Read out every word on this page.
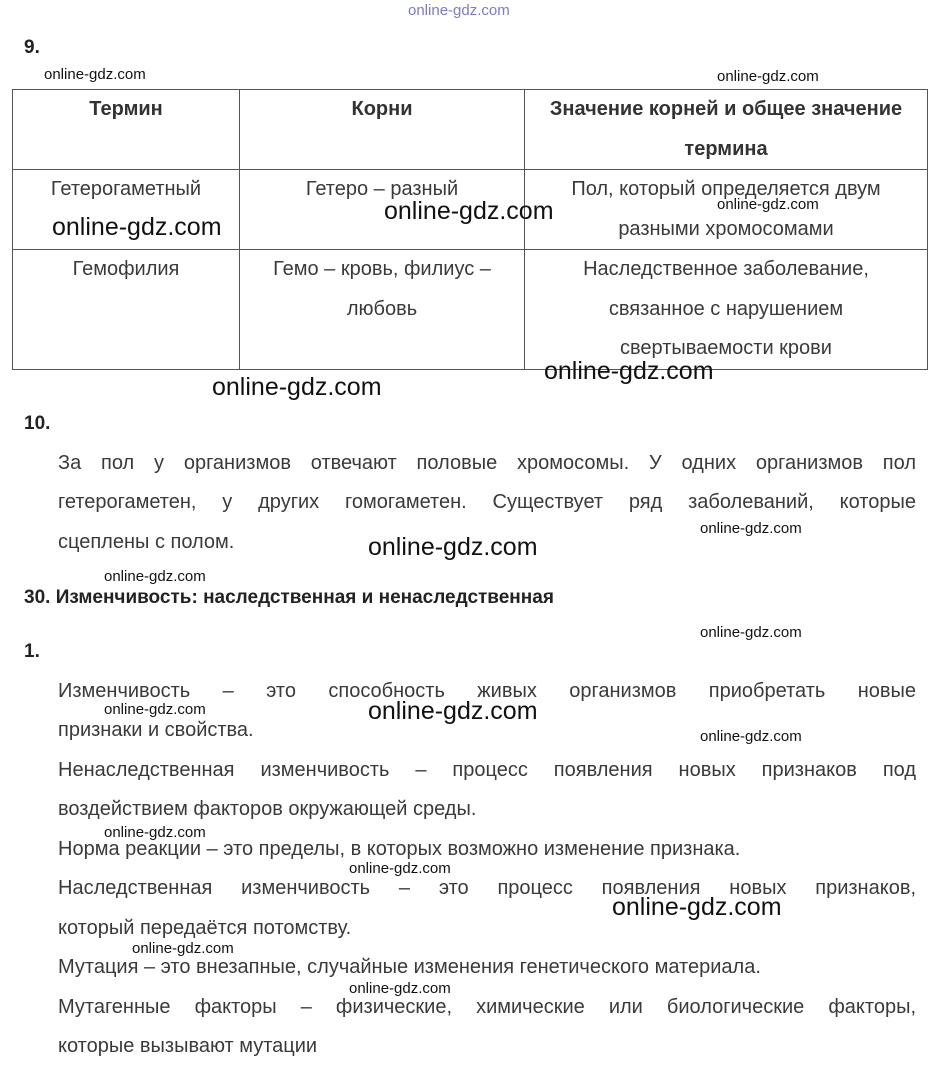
online-gdz.com
9.
Термин	Корни	Значение корней и общее значение термина
Гетерогаметный	Гетеро – разный	Пол, который определяется двум разными хромосомами
Гемофилия	Гемо – кровь, филиус – любовь	Наследственное заболевание, связанное с нарушением свертываемости крови
10.
За пол у организмов отвечают половые хромосомы. У одних организмов пол
гетерогаметен, у других гомогаметен. Существует ряд заболеваний, которые
сцеплены с полом.
30. Изменчивость: наследственная и ненаследственная
1.
Изменчивость – это способность живых организмов приобретать новые
признаки и свойства.
Ненаследственная изменчивость – процесс появления новых признаков под
воздействием факторов окружающей среды.
Норма реакции – это пределы, в которых возможно изменение признака.
Наследственная изменчивость – это процесс появления новых признаков,
который передаётся потомству.
Мутация – это внезапные, случайные изменения генетического материала.
Мутагенные факторы – физические, химические или биологические факторы,
которые вызывают мутации
online-gdz.com	online-gdz.com
online-gdz.com
online-gdz.com
online-gdz.com
online-gdz.com
online-gdz.com
online-gdz.com
online-gdz.com
online-gdz.com
online-gdz.com
online-gdz.com
online-gdz.com
online-gdz.com
online-gdz.com
online-gdz.com
online-gdz.com
online-gdz.com
online-gdz.com
